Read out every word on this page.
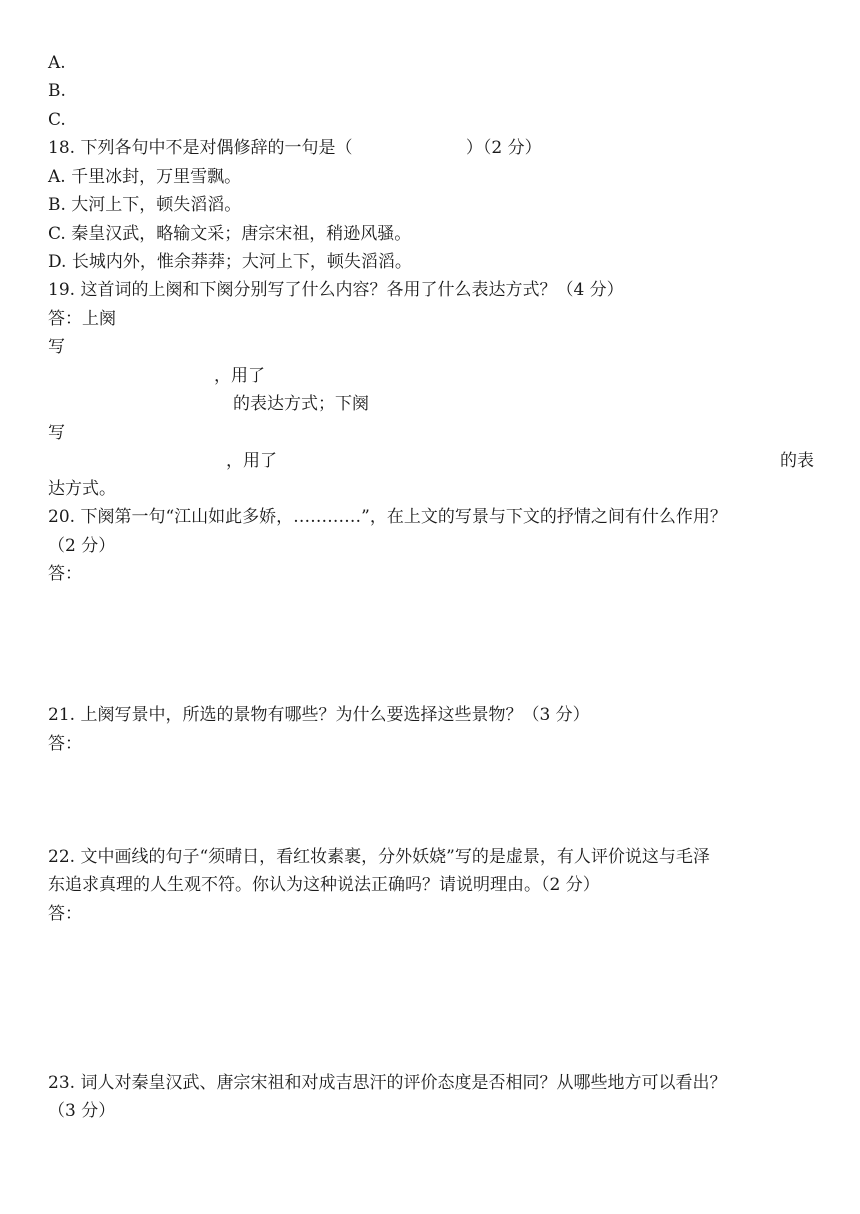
A.
B.
C.
18. 下列各句中不是对偶修辞的一句是（                     ）（2 分）
A. 千里冰封，万里雪飘。
B. 大河上下，顿失滔滔。
C. 秦皇汉武，略输文采；唐宗宋祖，稍逊风骚。
D. 长城内外，惟余莽莽；大河上下，顿失滔滔。
19. 这首词的上阕和下阕分别写了什么内容？各用了什么表达方式？（4 分）
答：上阕
写
，用了
的表达方式；下阕
写
，用了	的表
达方式。
20. 下阕第一句“江山如此多娇，…………”，在上文的写景与下文的抒情之间有什么作用？
（2 分）
答：
21. 上阕写景中，所选的景物有哪些？为什么要选择这些景物？（3 分）
答：
22. 文中画线的句子“须晴日，看红妆素裹，分外妖娆”写的是虚景，有人评价说这与毛泽
东追求真理的人生观不符。你认为这种说法正确吗？请说明理由。（2 分）
答：
23. 词人对秦皇汉武、唐宗宋祖和对成吉思汗的评价态度是否相同？从哪些地方可以看出？
（3 分）
